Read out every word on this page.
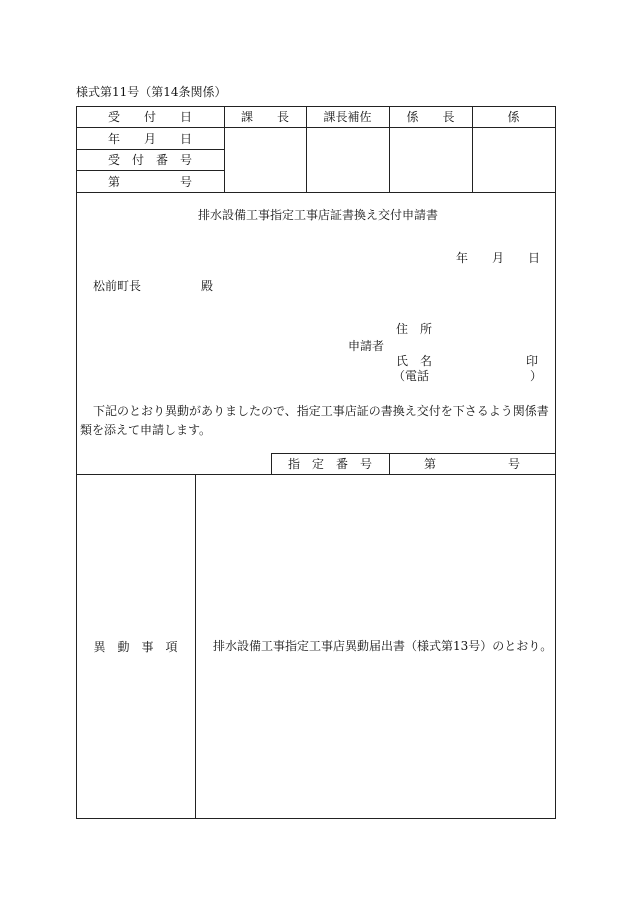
様式第11号（第14条関係）
受　　付　　日	課　　長	課長補佐	係　　長	係
年　　月　　日
受　付　番　号
第　　　　　号
排水設備工事指定工事店証書換え交付申請書
年　　月　　日
松前町長　　　　　殿
住　所
申請者
氏　名	印
（電話	）
下記のとおり異動がありましたので、指定工事店証の書換え交付を下さるよう関係書
類を添えて申請します。
指　定　番　号	第　　　　　　号
異　動　事　項	排水設備工事指定工事店異動届出書（様式第13号）のとおり。
